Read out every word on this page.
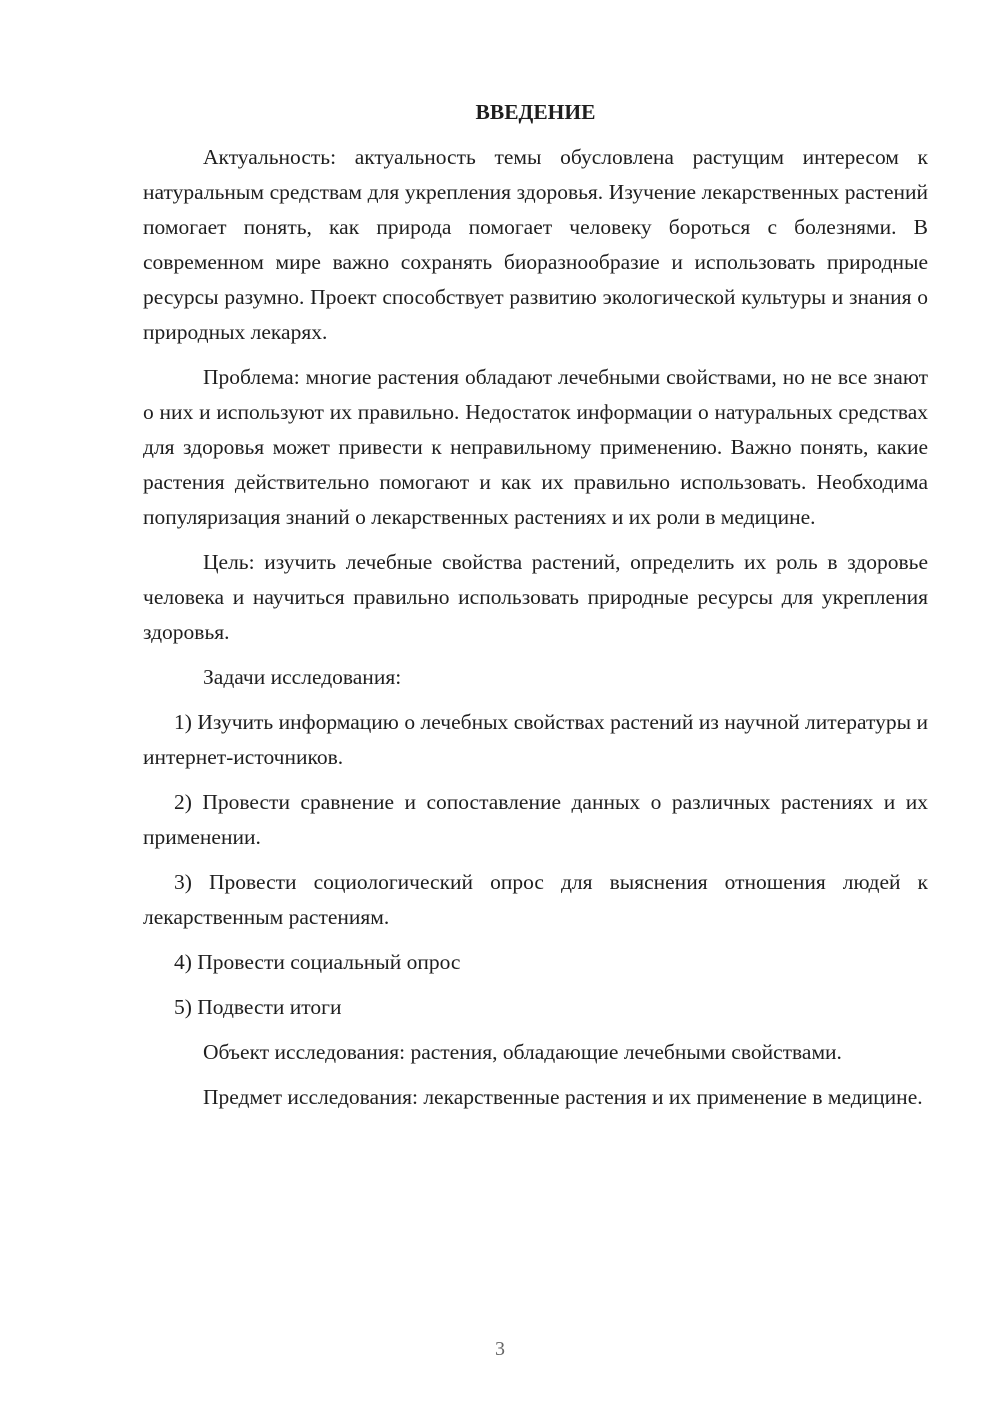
ВВЕДЕНИЕ

Актуальность: актуальность темы обусловлена растущим интересом к натуральным средствам для укрепления здоровья. Изучение лекарственных растений помогает понять, как природа помогает человеку бороться с болезнями. В современном мире важно сохранять биоразнообразие и использовать природные ресурсы разумно. Проект способствует развитию экологической культуры и знания о природных лекарях.

Проблема: многие растения обладают лечебными свойствами, но не все знают о них и используют их правильно. Недостаток информации о натуральных средствах для здоровья может привести к неправильному применению. Важно понять, какие растения действительно помогают и как их правильно использовать. Необходима популяризация знаний о лекарственных растениях и их роли в медицине.

Цель: изучить лечебные свойства растений, определить их роль в здоровье человека и научиться правильно использовать природные ресурсы для укрепления здоровья.

Задачи исследования:

1) Изучить информацию о лечебных свойствах растений из научной литературы и интернет-источников.

2) Провести сравнение и сопоставление данных о различных растениях и их применении.

3) Провести социологический опрос для выяснения отношения людей к лекарственным растениям.

4) Провести социальный опрос

5) Подвести итоги

Объект исследования: растения, обладающие лечебными свойствами.

Предмет исследования: лекарственные растения и их применение в медицине.

3
